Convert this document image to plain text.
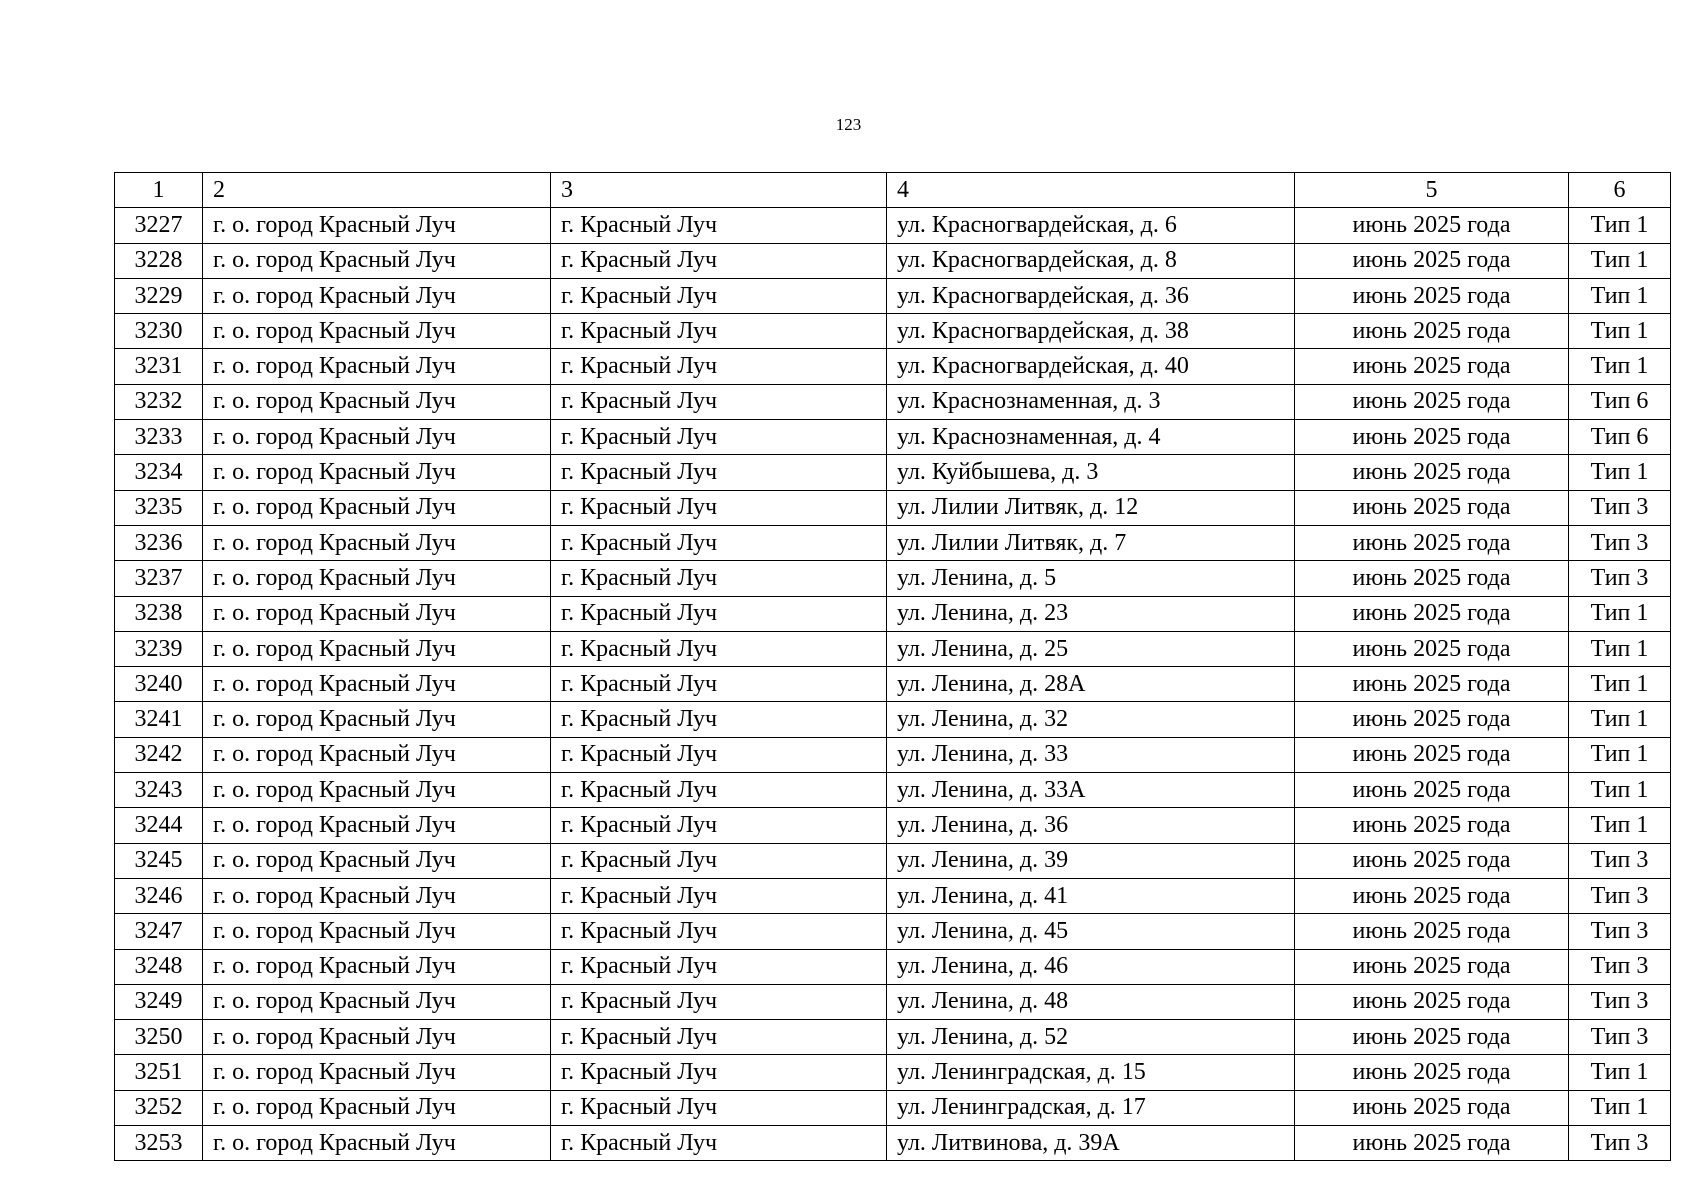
123
1	2	3	4	5	6
3227	г. о. город Красный Луч	г. Красный Луч	ул. Красногвардейская, д. 6	июнь 2025 года	Тип 1
3228	г. о. город Красный Луч	г. Красный Луч	ул. Красногвардейская, д. 8	июнь 2025 года	Тип 1
3229	г. о. город Красный Луч	г. Красный Луч	ул. Красногвардейская, д. 36	июнь 2025 года	Тип 1
3230	г. о. город Красный Луч	г. Красный Луч	ул. Красногвардейская, д. 38	июнь 2025 года	Тип 1
3231	г. о. город Красный Луч	г. Красный Луч	ул. Красногвардейская, д. 40	июнь 2025 года	Тип 1
3232	г. о. город Красный Луч	г. Красный Луч	ул. Краснознаменная, д. 3	июнь 2025 года	Тип 6
3233	г. о. город Красный Луч	г. Красный Луч	ул. Краснознаменная, д. 4	июнь 2025 года	Тип 6
3234	г. о. город Красный Луч	г. Красный Луч	ул. Куйбышева, д. 3	июнь 2025 года	Тип 1
3235	г. о. город Красный Луч	г. Красный Луч	ул. Лилии Литвяк, д. 12	июнь 2025 года	Тип 3
3236	г. о. город Красный Луч	г. Красный Луч	ул. Лилии Литвяк, д. 7	июнь 2025 года	Тип 3
3237	г. о. город Красный Луч	г. Красный Луч	ул. Ленина, д. 5	июнь 2025 года	Тип 3
3238	г. о. город Красный Луч	г. Красный Луч	ул. Ленина, д. 23	июнь 2025 года	Тип 1
3239	г. о. город Красный Луч	г. Красный Луч	ул. Ленина, д. 25	июнь 2025 года	Тип 1
3240	г. о. город Красный Луч	г. Красный Луч	ул. Ленина, д. 28А	июнь 2025 года	Тип 1
3241	г. о. город Красный Луч	г. Красный Луч	ул. Ленина, д. 32	июнь 2025 года	Тип 1
3242	г. о. город Красный Луч	г. Красный Луч	ул. Ленина, д. 33	июнь 2025 года	Тип 1
3243	г. о. город Красный Луч	г. Красный Луч	ул. Ленина, д. 33А	июнь 2025 года	Тип 1
3244	г. о. город Красный Луч	г. Красный Луч	ул. Ленина, д. 36	июнь 2025 года	Тип 1
3245	г. о. город Красный Луч	г. Красный Луч	ул. Ленина, д. 39	июнь 2025 года	Тип 3
3246	г. о. город Красный Луч	г. Красный Луч	ул. Ленина, д. 41	июнь 2025 года	Тип 3
3247	г. о. город Красный Луч	г. Красный Луч	ул. Ленина, д. 45	июнь 2025 года	Тип 3
3248	г. о. город Красный Луч	г. Красный Луч	ул. Ленина, д. 46	июнь 2025 года	Тип 3
3249	г. о. город Красный Луч	г. Красный Луч	ул. Ленина, д. 48	июнь 2025 года	Тип 3
3250	г. о. город Красный Луч	г. Красный Луч	ул. Ленина, д. 52	июнь 2025 года	Тип 3
3251	г. о. город Красный Луч	г. Красный Луч	ул. Ленинградская, д. 15	июнь 2025 года	Тип 1
3252	г. о. город Красный Луч	г. Красный Луч	ул. Ленинградская, д. 17	июнь 2025 года	Тип 1
3253	г. о. город Красный Луч	г. Красный Луч	ул. Литвинова, д. 39А	июнь 2025 года	Тип 3
